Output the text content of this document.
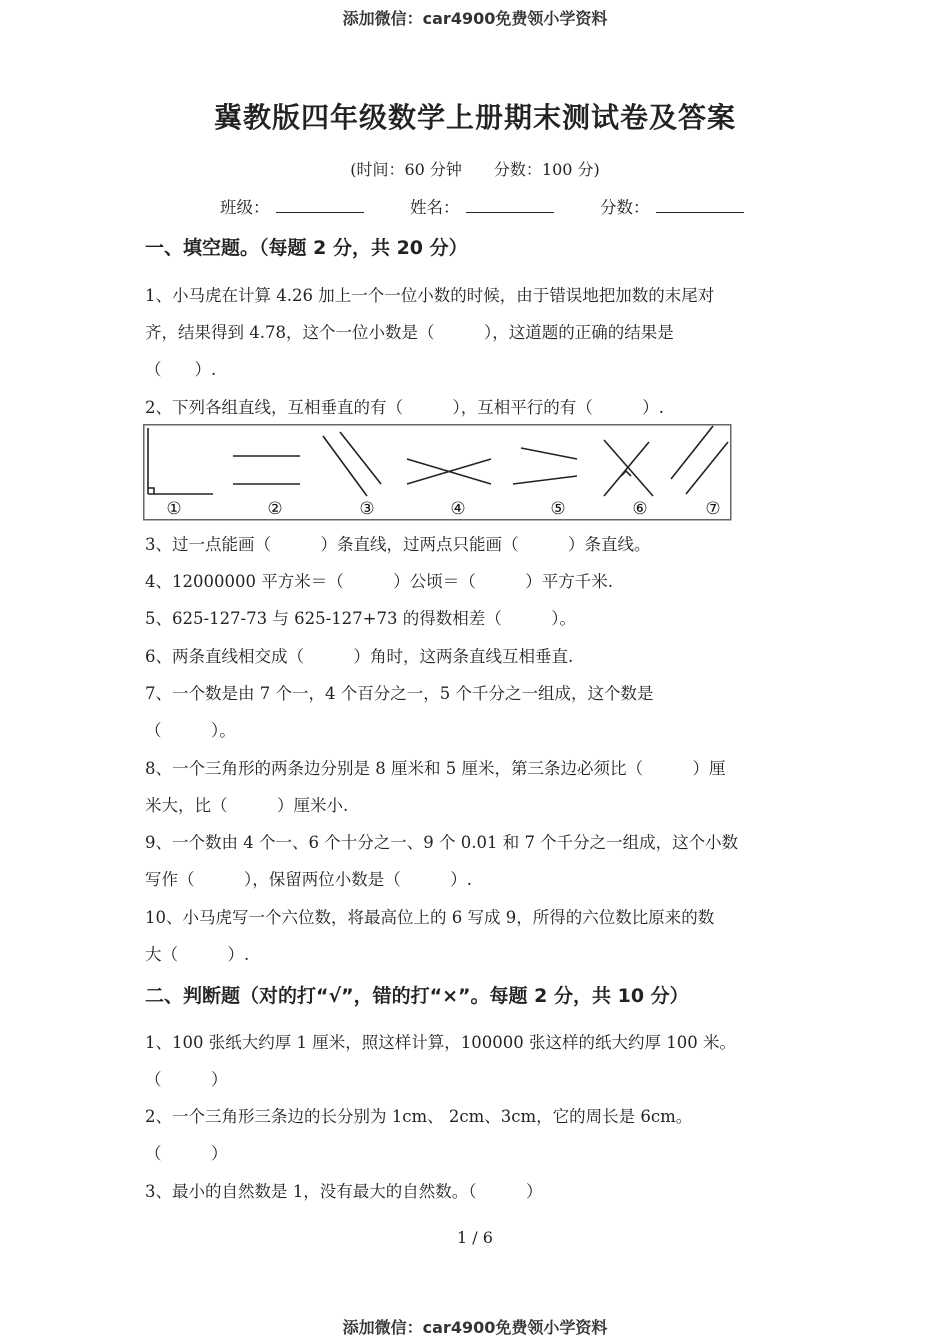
添加微信：car4900免费领小学资料
冀教版四年级数学上册期末测试卷及答案
(时间：60 分钟　　分数：100 分)
班级：	姓名：	分数：
一、填空题。（每题 2 分，共 20 分）
1、小马虎在计算 4.26 加上一个一位小数的时候，由于错误地把加数的末尾对
齐，结果得到 4.78，这个一位小数是（　　　），这道题的正确的结果是
（　　）.
2、下列各组直线，互相垂直的有（　　　），互相平行的有（　　　）.
①	②	③	④	⑤	⑥	⑦
3、过一点能画（　　　）条直线，过两点只能画（　　　）条直线。
4、12000000 平方米＝（　　　）公顷＝（　　　）平方千米.
5、625-127-73 与 625-127+73 的得数相差（　　　）。
6、两条直线相交成（　　　）角时，这两条直线互相垂直.
7、一个数是由 7 个一，4 个百分之一，5 个千分之一组成，这个数是
（　　　）。
8、一个三角形的两条边分别是 8 厘米和 5 厘米，第三条边必须比（　　　）厘
米大，比（　　　）厘米小.
9、一个数由 4 个一、6 个十分之一、9 个 0.01 和 7 个千分之一组成，这个小数
写作（　　　），保留两位小数是（　　　）.
10、小马虎写一个六位数，将最高位上的 6 写成 9，所得的六位数比原来的数
大（　　　）.
二、判断题（对的打“√”，错的打“×”。每题 2 分，共 10 分）
1、100 张纸大约厚 1 厘米，照这样计算，100000 张这样的纸大约厚 100 米。
（　　　）
2、一个三角形三条边的长分别为 1cm、 2cm、3cm，它的周长是 6cm。
（　　　）
3、最小的自然数是 1，没有最大的自然数。（　　　）
1 / 6
添加微信：car4900免费领小学资料
